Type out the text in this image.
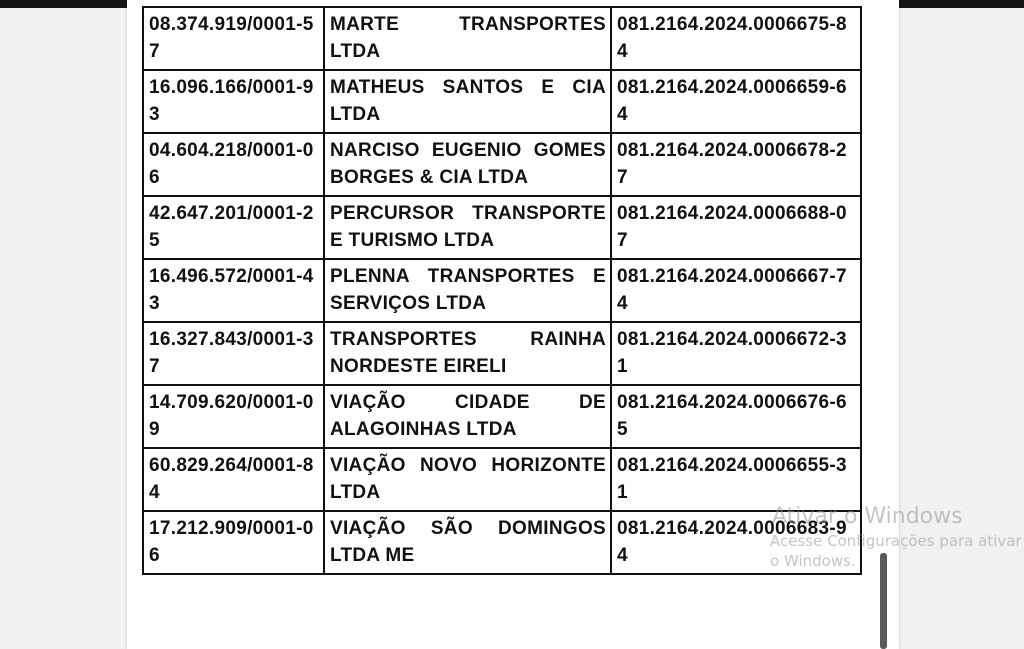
08.374.919/0001-57	MARTE TRANSPORTES LTDA	081.2164.2024.0006675-84
16.096.166/0001-93	MATHEUS SANTOS E CIA LTDA	081.2164.2024.0006659-64
04.604.218/0001-06	NARCISO EUGENIO GOMES BORGES & CIA LTDA	081.2164.2024.0006678-27
42.647.201/0001-25	PERCURSOR TRANSPORTE E TURISMO LTDA	081.2164.2024.0006688-07
16.496.572/0001-43	PLENNA TRANSPORTES E SERVIÇOS LTDA	081.2164.2024.0006667-74
16.327.843/0001-37	TRANSPORTES RAINHA NORDESTE EIRELI	081.2164.2024.0006672-31
14.709.620/0001-09	VIAÇÃO CIDADE DE ALAGOINHAS LTDA	081.2164.2024.0006676-65
60.829.264/0001-84	VIAÇÃO NOVO HORIZONTE LTDA	081.2164.2024.0006655-31
17.212.909/0001-06	VIAÇÃO SÃO DOMINGOS LTDA ME	081.2164.2024.0006683-94
Ativar o Windows
Acesse Configurações para ativar o Windows.
